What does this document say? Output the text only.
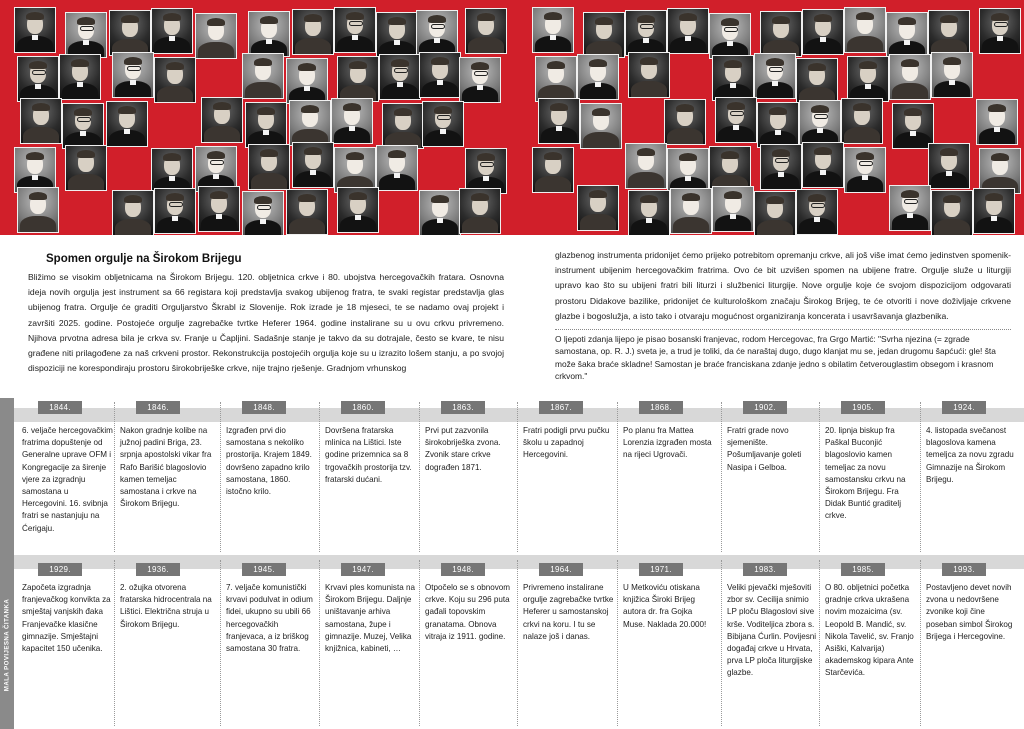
Spomen orgulje na Širokom Brijegu
Bližimo se visokim obljetnicama na Širokom Brijegu. 120. obljetnica crkve i 80. ubojstva hercegovačkih fratara. Osnovna ideja novih orgulja jest instrument sa 66 registara koji predstavlja svakog ubijenog fratra, te svaki registar predstavlja glas ubijenog fratra. Orgulje će graditi Orguljarstvo Škrabl iz Slovenije. Rok izrade je 18 mjeseci, te se nadamo ovaj projekt i završiti 2025. godine. Postojeće orgulje zagrebačke tvrtke Heferer 1964. godine instalirane su u ovu crkvu privremeno. Njihova prvotna adresa bila je crkva sv. Franje u Čapljini. Sadašnje stanje je takvo da su dotrajale, često se kvare, te nisu građene niti prilagođene za naš crkveni prostor. Rekonstrukcija postojećih orgulja koje su u izrazito lošem stanju, a po svojoj dispoziciji ne korespondiraju prostoru širokobriješke crkve, nije trajno rješenje. Gradnjom vrhunskog
glazbenog instrumenta pridonijet ćemo prijeko potrebitom opremanju crkve, ali još više imat ćemo jedinstven spomenik-instrument ubijenim hercegovačkim fratrima. Ovo će bit uzvišen spomen na ubijene fratre. Orgulje služe u liturgiji upravo kao što su ubijeni fratri bili liturzi i službenici liturgije. Nove orgulje koje će svojom dispozicijom odgovarati prostoru Didakove bazilike, pridonijet će kulturološkom značaju Širokog Brijeg, te će otvoriti i nove doživljaje crkvene glazbe i bogoslužja, a isto tako i otvaraju mogućnost organiziranja koncerata i usavršavanja glazbenika.
O ljepoti zdanja lijepo je pisao bosanski franjevac, rodom Hercegovac, fra Grgo Martić: "Svrha njezina (= zgrade samostana, op. R. J.) sveta je, a trud je toliki, da će naraštaj dugo, dugo klanjat mu se, jedan drugomu šapćući: gle! šta može šaka braće skladne! Samostan je braće franciskana zdanje jedno s obilatim četverouglastim obsegom i krasnom crkvom."
MALA POVIJESNA ČITANKA
1844.
6. veljače hercegovačkim fratrima dopuštenje od Generalne uprave OFM i Kongregacije za širenje vjere za izgradnju samostana u Hercegovini. 16. svibnja fratri se nastanjuju na Ćerigaju.
1846.
Nakon gradnje kolibe na južnoj padini Briga, 23. srpnja apostolski vikar fra Rafo Barišić blagoslovio kamen temeljac samostana i crkve na Širokom Brijegu.
1848.
Izgrađen prvi dio samostana s nekoliko prostorija. Krajem 1849. dovršeno zapadno krilo samostana, 1860. istočno krilo.
1860.
Dovršena fratarska mlinica na Lištici. Iste godine prizemnica sa 8 trgovačkih prostorija tzv. fratarski dućani.
1863.
Prvi put zazvonila širokobriješka zvona. Zvonik stare crkve dograđen 1871.
1867.
Fratri podigli prvu pučku školu u zapadnoj Hercegovini.
1868.
Po planu fra Mattea Lorenzia izgrađen mosta na rijeci Ugrovači.
1902.
Fratri grade novo sjemenište. Pošumljavanje goleti Nasipa i Gelboa.
1905.
20. lipnja biskup fra Paškal Buconjić blagoslovio kamen temeljac za novu samostansku crkvu na Širokom Brijegu. Fra Didak Buntić graditelj crkve.
1924.
4. listopada svečanost blagoslova kamena temeljca za novu zgradu Gimnazije na Širokom Brijegu.
1929.
Započeta izgradnja franjevačkog konvikta za smještaj vanjskih đaka Franjevačke klasične gimnazije. Smještajni kapacitet 150 učenika.
1936.
2. ožujka otvorena fratarska hidrocentrala na Lištici. Električna struja u Širokom Brijegu.
1945.
7. veljače komunistički krvavi podulvat in odium fidei, ukupno su ubili 66 hercegovačkih franjevaca, a iz briškog samostana 30 fratra.
1947.
Krvavi ples komunista na Širokom Brijegu. Daljnje uništavanje arhiva samostana, župe i gimnazije. Muzej, Velika knjižnica, kabineti, …
1948.
Otpočelo se s obnovom crkve. Koju su 296 puta gađali topovskim granatama. Obnova vitraja iz 1911. godine.
1964.
Privremeno instalirane orgulje zagrebačke tvrtke Heferer u samostanskoj crkvi na koru. I tu se nalaze još i danas.
1971.
U Metkoviću otiskana knjižica Široki Brijeg autora dr. fra Gojka Muse. Naklada 20.000!
1983.
Veliki pjevački mješoviti zbor sv. Cecilija snimio LP ploču Blagoslovi sive krše. Voditeljica zbora s. Bibijana Ćurlin. Povijesni događaj crkve u Hrvata, prva LP ploča liturgijske glazbe.
1985.
O 80. obljetnici početka gradnje crkva ukrašena novim mozaicima (sv. Leopold B. Mandić, sv. Nikola Tavelić, sv. Franjo Asiški, Kalvarija) akademskog kipara Ante Starčevića.
1993.
Postavljeno devet novih zvona u nedovršene zvonike koji čine poseban simbol Širokog Brijega i Hercegovine.
